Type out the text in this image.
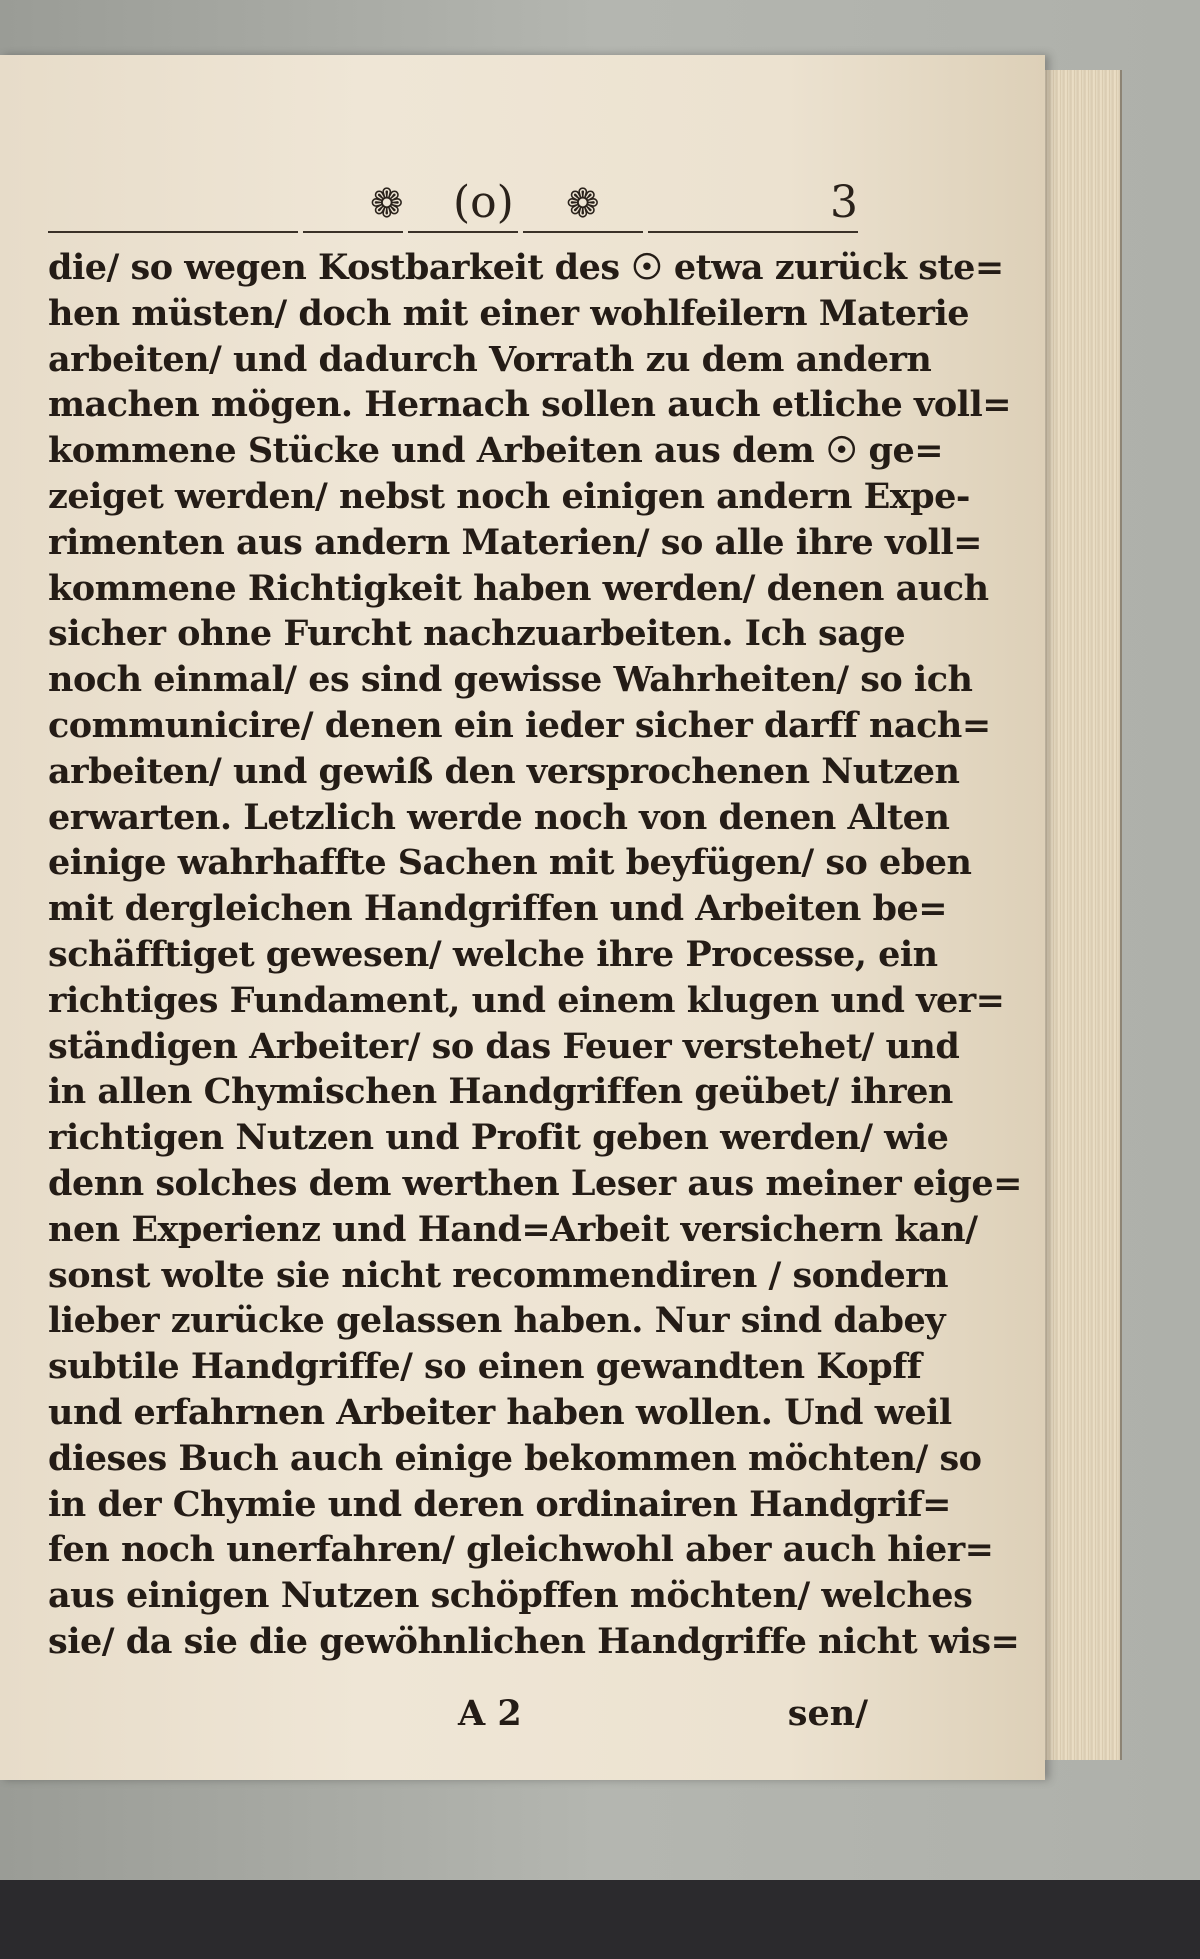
❁ (o) ❁	3
die/ so wegen Kostbarkeit des ☉ etwa zurück ste=
hen müsten/ doch mit einer wohlfeilern Materie
arbeiten/ und dadurch Vorrath zu dem andern
machen mögen. Hernach sollen auch etliche voll=
kommene Stücke und Arbeiten aus dem ☉ ge=
zeiget werden/ nebst noch einigen andern Expe-
rimenten aus andern Materien/ so alle ihre voll=
kommene Richtigkeit haben werden/ denen auch
sicher ohne Furcht nachzuarbeiten. Ich sage
noch einmal/ es sind gewisse Wahrheiten/ so ich
communicire/ denen ein ieder sicher darff nach=
arbeiten/ und gewiß den versprochenen Nutzen
erwarten. Letzlich werde noch von denen Alten
einige wahrhaffte Sachen mit beyfügen/ so eben
mit dergleichen Handgriffen und Arbeiten be=
schäfftiget gewesen/ welche ihre Processe, ein
richtiges Fundament, und einem klugen und ver=
ständigen Arbeiter/ so das Feuer verstehet/ und
in allen Chymischen Handgriffen geübet/ ihren
richtigen Nutzen und Profit geben werden/ wie
denn solches dem werthen Leser aus meiner eige=
nen Experienz und Hand=Arbeit versichern kan/
sonst wolte sie nicht recommendiren / sondern
lieber zurücke gelassen haben. Nur sind dabey
subtile Handgriffe/ so einen gewandten Kopff
und erfahrnen Arbeiter haben wollen. Und weil
dieses Buch auch einige bekommen möchten/ so
in der Chymie und deren ordinairen Handgrif=
fen noch unerfahren/ gleichwohl aber auch hier=
aus einigen Nutzen schöpffen möchten/ welches
sie/ da sie die gewöhnlichen Handgriffe nicht wis=
A 2	sen/
